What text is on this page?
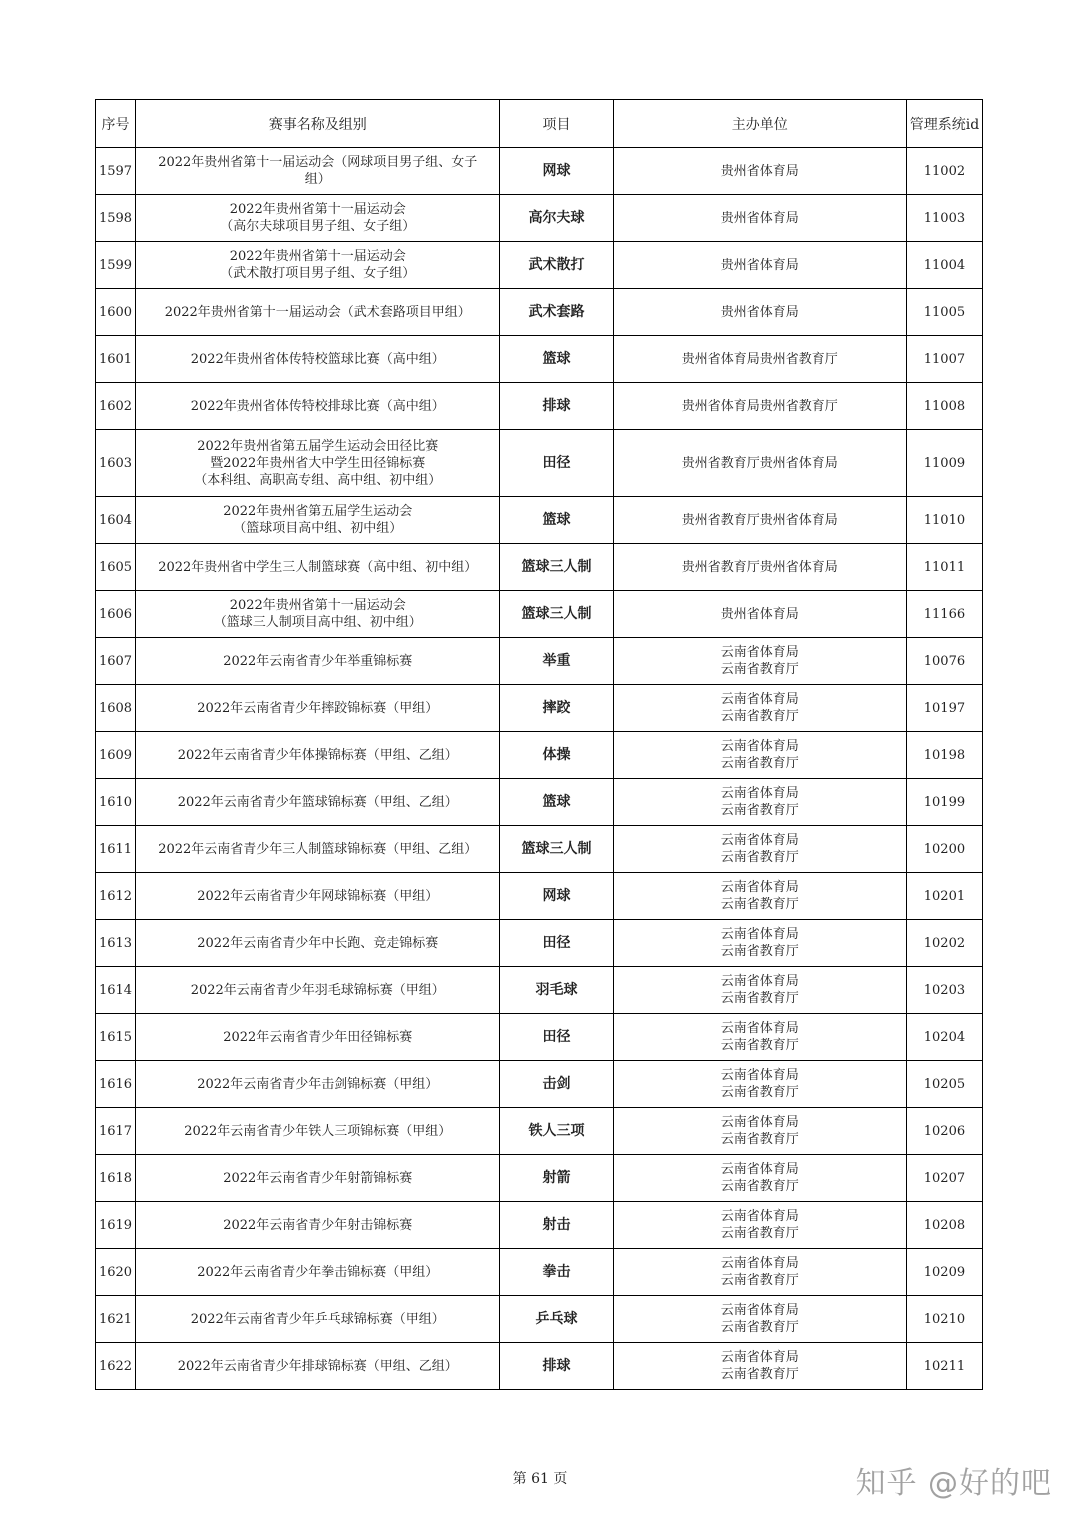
序号	赛事名称及组别	项目	主办单位	管理系统id

1597	2022年贵州省第十一届运动会（网球项目男子组、女子
组）	网球	贵州省体育局	11002

1598	2022年贵州省第十一届运动会
（高尔夫球项目男子组、女子组）	高尔夫球	贵州省体育局	11003

1599	2022年贵州省第十一届运动会
（武术散打项目男子组、女子组）	武术散打	贵州省体育局	11004

1600	2022年贵州省第十一届运动会（武术套路项目甲组）	武术套路	贵州省体育局	11005

1601	2022年贵州省体传特校篮球比赛（高中组）	篮球	贵州省体育局贵州省教育厅	11007

1602	2022年贵州省体传特校排球比赛（高中组）	排球	贵州省体育局贵州省教育厅	11008

1603	2022年贵州省第五届学生运动会田径比赛
暨2022年贵州省大中学生田径锦标赛
（本科组、高职高专组、高中组、初中组）	田径	贵州省教育厅贵州省体育局	11009

1604	2022年贵州省第五届学生运动会
（篮球项目高中组、初中组）	篮球	贵州省教育厅贵州省体育局	11010

1605	2022年贵州省中学生三人制篮球赛（高中组、初中组）	篮球三人制	贵州省教育厅贵州省体育局	11011

1606	2022年贵州省第十一届运动会
（篮球三人制项目高中组、初中组）	篮球三人制	贵州省体育局	11166

1607	2022年云南省青少年举重锦标赛	举重	云南省体育局
云南省教育厅	10076

1608	2022年云南省青少年摔跤锦标赛（甲组）	摔跤	云南省体育局
云南省教育厅	10197

1609	2022年云南省青少年体操锦标赛（甲组、乙组）	体操	云南省体育局
云南省教育厅	10198

1610	2022年云南省青少年篮球锦标赛（甲组、乙组）	篮球	云南省体育局
云南省教育厅	10199

1611	2022年云南省青少年三人制篮球锦标赛（甲组、乙组）	篮球三人制	云南省体育局
云南省教育厅	10200

1612	2022年云南省青少年网球锦标赛（甲组）	网球	云南省体育局
云南省教育厅	10201

1613	2022年云南省青少年中长跑、竞走锦标赛	田径	云南省体育局
云南省教育厅	10202

1614	2022年云南省青少年羽毛球锦标赛（甲组）	羽毛球	云南省体育局
云南省教育厅	10203

1615	2022年云南省青少年田径锦标赛	田径	云南省体育局
云南省教育厅	10204

1616	2022年云南省青少年击剑锦标赛（甲组）	击剑	云南省体育局
云南省教育厅	10205

1617	2022年云南省青少年铁人三项锦标赛（甲组）	铁人三项	云南省体育局
云南省教育厅	10206

1618	2022年云南省青少年射箭锦标赛	射箭	云南省体育局
云南省教育厅	10207

1619	2022年云南省青少年射击锦标赛	射击	云南省体育局
云南省教育厅	10208

1620	2022年云南省青少年拳击锦标赛（甲组）	拳击	云南省体育局
云南省教育厅	10209

1621	2022年云南省青少年乒乓球锦标赛（甲组）	乒乓球	云南省体育局
云南省教育厅	10210

1622	2022年云南省青少年排球锦标赛（甲组、乙组）	排球	云南省体育局
云南省教育厅	10211
第 61 页	知乎 @好的吧
